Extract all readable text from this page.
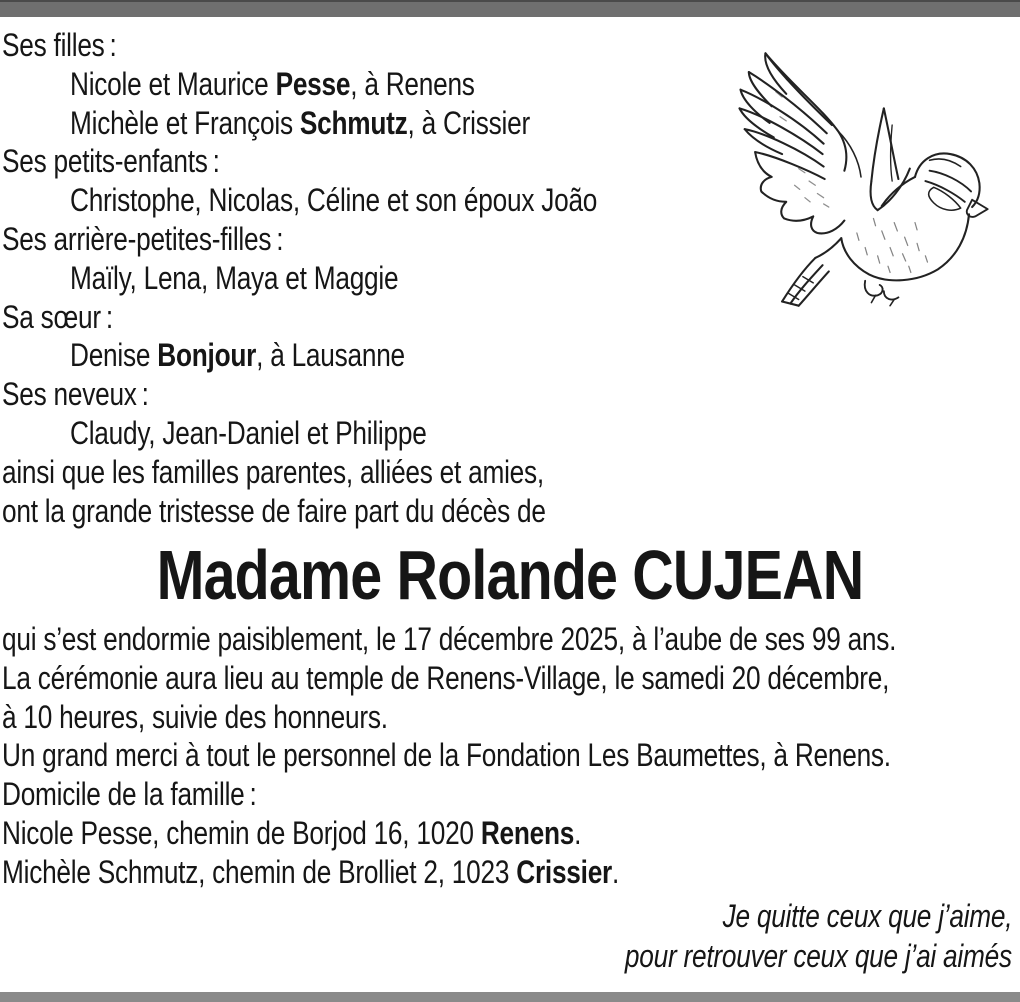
Ses filles :
Nicole et Maurice Pesse, à Renens
Michèle et François Schmutz, à Crissier
Ses petits-enfants :
Christophe, Nicolas, Céline et son époux João
Ses arrière-petites-filles :
Maïly, Lena, Maya et Maggie
Sa sœur :
Denise Bonjour, à Lausanne
Ses neveux :
Claudy, Jean-Daniel et Philippe
ainsi que les familles parentes, alliées et amies,
ont la grande tristesse de faire part du décès de
Madame Rolande CUJEAN
qui s’est endormie paisiblement, le 17 décembre 2025, à l’aube de ses 99 ans.
La cérémonie aura lieu au temple de Renens-Village, le samedi 20 décembre,
à 10 heures, suivie des honneurs.
Un grand merci à tout le personnel de la Fondation Les Baumettes, à Renens.
Domicile de la famille :
Nicole Pesse, chemin de Borjod 16, 1020 Renens.
Michèle Schmutz, chemin de Brolliet 2, 1023 Crissier.
Je quitte ceux que j’aime,
pour retrouver ceux que j’ai aimés
